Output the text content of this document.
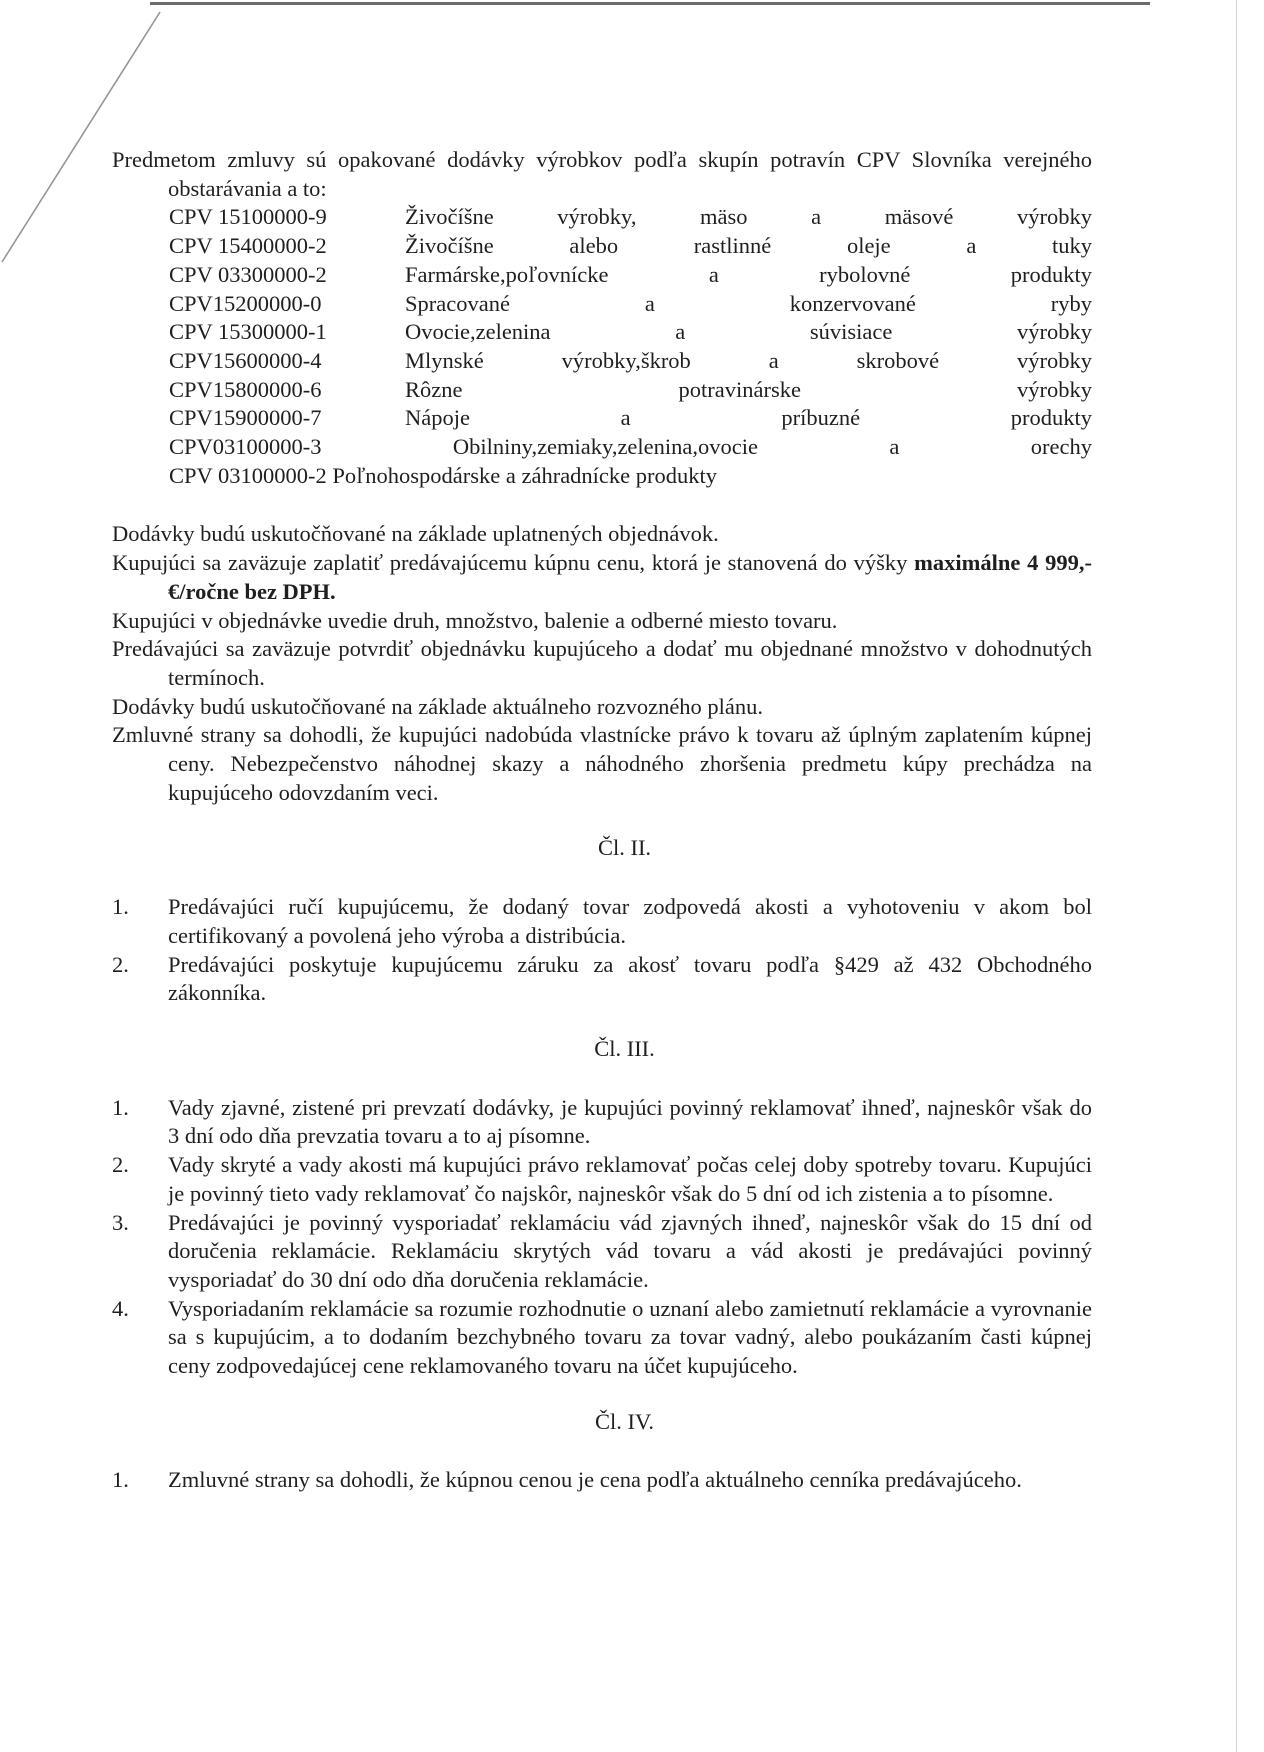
Predmetom zmluvy sú opakované dodávky výrobkov podľa skupín potravín CPV Slovníka verejného obstarávania a to:

CPV 15100000-9	Živočíšne výrobky, mäso a mäsové výrobky
CPV 15400000-2	Živočíšne alebo rastlinné oleje a tuky
CPV 03300000-2	Farmárske,poľovnícke a rybolovné produkty
CPV15200000-0	Spracované a konzervované ryby
CPV 15300000-1	Ovocie,zelenina a súvisiace výrobky
CPV15600000-4	Mlynské výrobky,škrob a skrobové výrobky
CPV15800000-6	Rôzne potravinárske výrobky
CPV15900000-7	Nápoje a príbuzné produkty
CPV03100000-3 Obilniny,zemiaky,zelenina,ovocie a orechy
CPV 03100000-2 Poľnohospodárske a záhradnícke produkty

Dodávky budú uskutočňované na základe uplatnených objednávok.

Kupujúci sa zaväzuje zaplatiť predávajúcemu kúpnu cenu, ktorá je stanovená do výšky maximálne 4 999,- €/ročne bez DPH.

Kupujúci v objednávke uvedie druh, množstvo, balenie a odberné miesto tovaru.

Predávajúci sa zaväzuje potvrdiť objednávku kupujúceho a dodať mu objednané množstvo v dohodnutých termínoch.

Dodávky budú uskutočňované na základe aktuálneho rozvozného plánu.

Zmluvné strany sa dohodli, že kupujúci nadobúda vlastnícke právo k tovaru až úplným zaplatením kúpnej ceny. Nebezpečenstvo náhodnej skazy a náhodného zhoršenia predmetu kúpy prechádza na kupujúceho odovzdaním veci.

Čl. II.

1.	Predávajúci ručí kupujúcemu, že dodaný tovar zodpovedá akosti a vyhotoveniu v akom bol certifikovaný a povolená jeho výroba a distribúcia.
2.	Predávajúci poskytuje kupujúcemu záruku za akosť tovaru podľa §429 až 432 Obchodného zákonníka.

Čl. III.

1.	Vady zjavné, zistené pri prevzatí dodávky, je kupujúci povinný reklamovať ihneď, najneskôr však do 3 dní odo dňa prevzatia tovaru a to aj písomne.
2.	Vady skryté a vady akosti má kupujúci právo reklamovať počas celej doby spotreby tovaru. Kupujúci je povinný tieto vady reklamovať čo najskôr, najneskôr však do 5 dní od ich zistenia a to písomne.
3.	Predávajúci je povinný vysporiadať reklamáciu vád zjavných ihneď, najneskôr však do 15 dní od doručenia reklamácie. Reklamáciu skrytých vád tovaru a vád akosti je predávajúci povinný vysporiadať do 30 dní odo dňa doručenia reklamácie.
4.	Vysporiadaním reklamácie sa rozumie rozhodnutie o uznaní alebo zamietnutí reklamácie a vyrovnanie sa s kupujúcim, a to dodaním bezchybného tovaru za tovar vadný, alebo poukázaním časti kúpnej ceny zodpovedajúcej cene reklamovaného tovaru na účet kupujúceho.

Čl. IV.

1.	Zmluvné strany sa dohodli, že kúpnou cenou je cena podľa aktuálneho cenníka predávajúceho.
